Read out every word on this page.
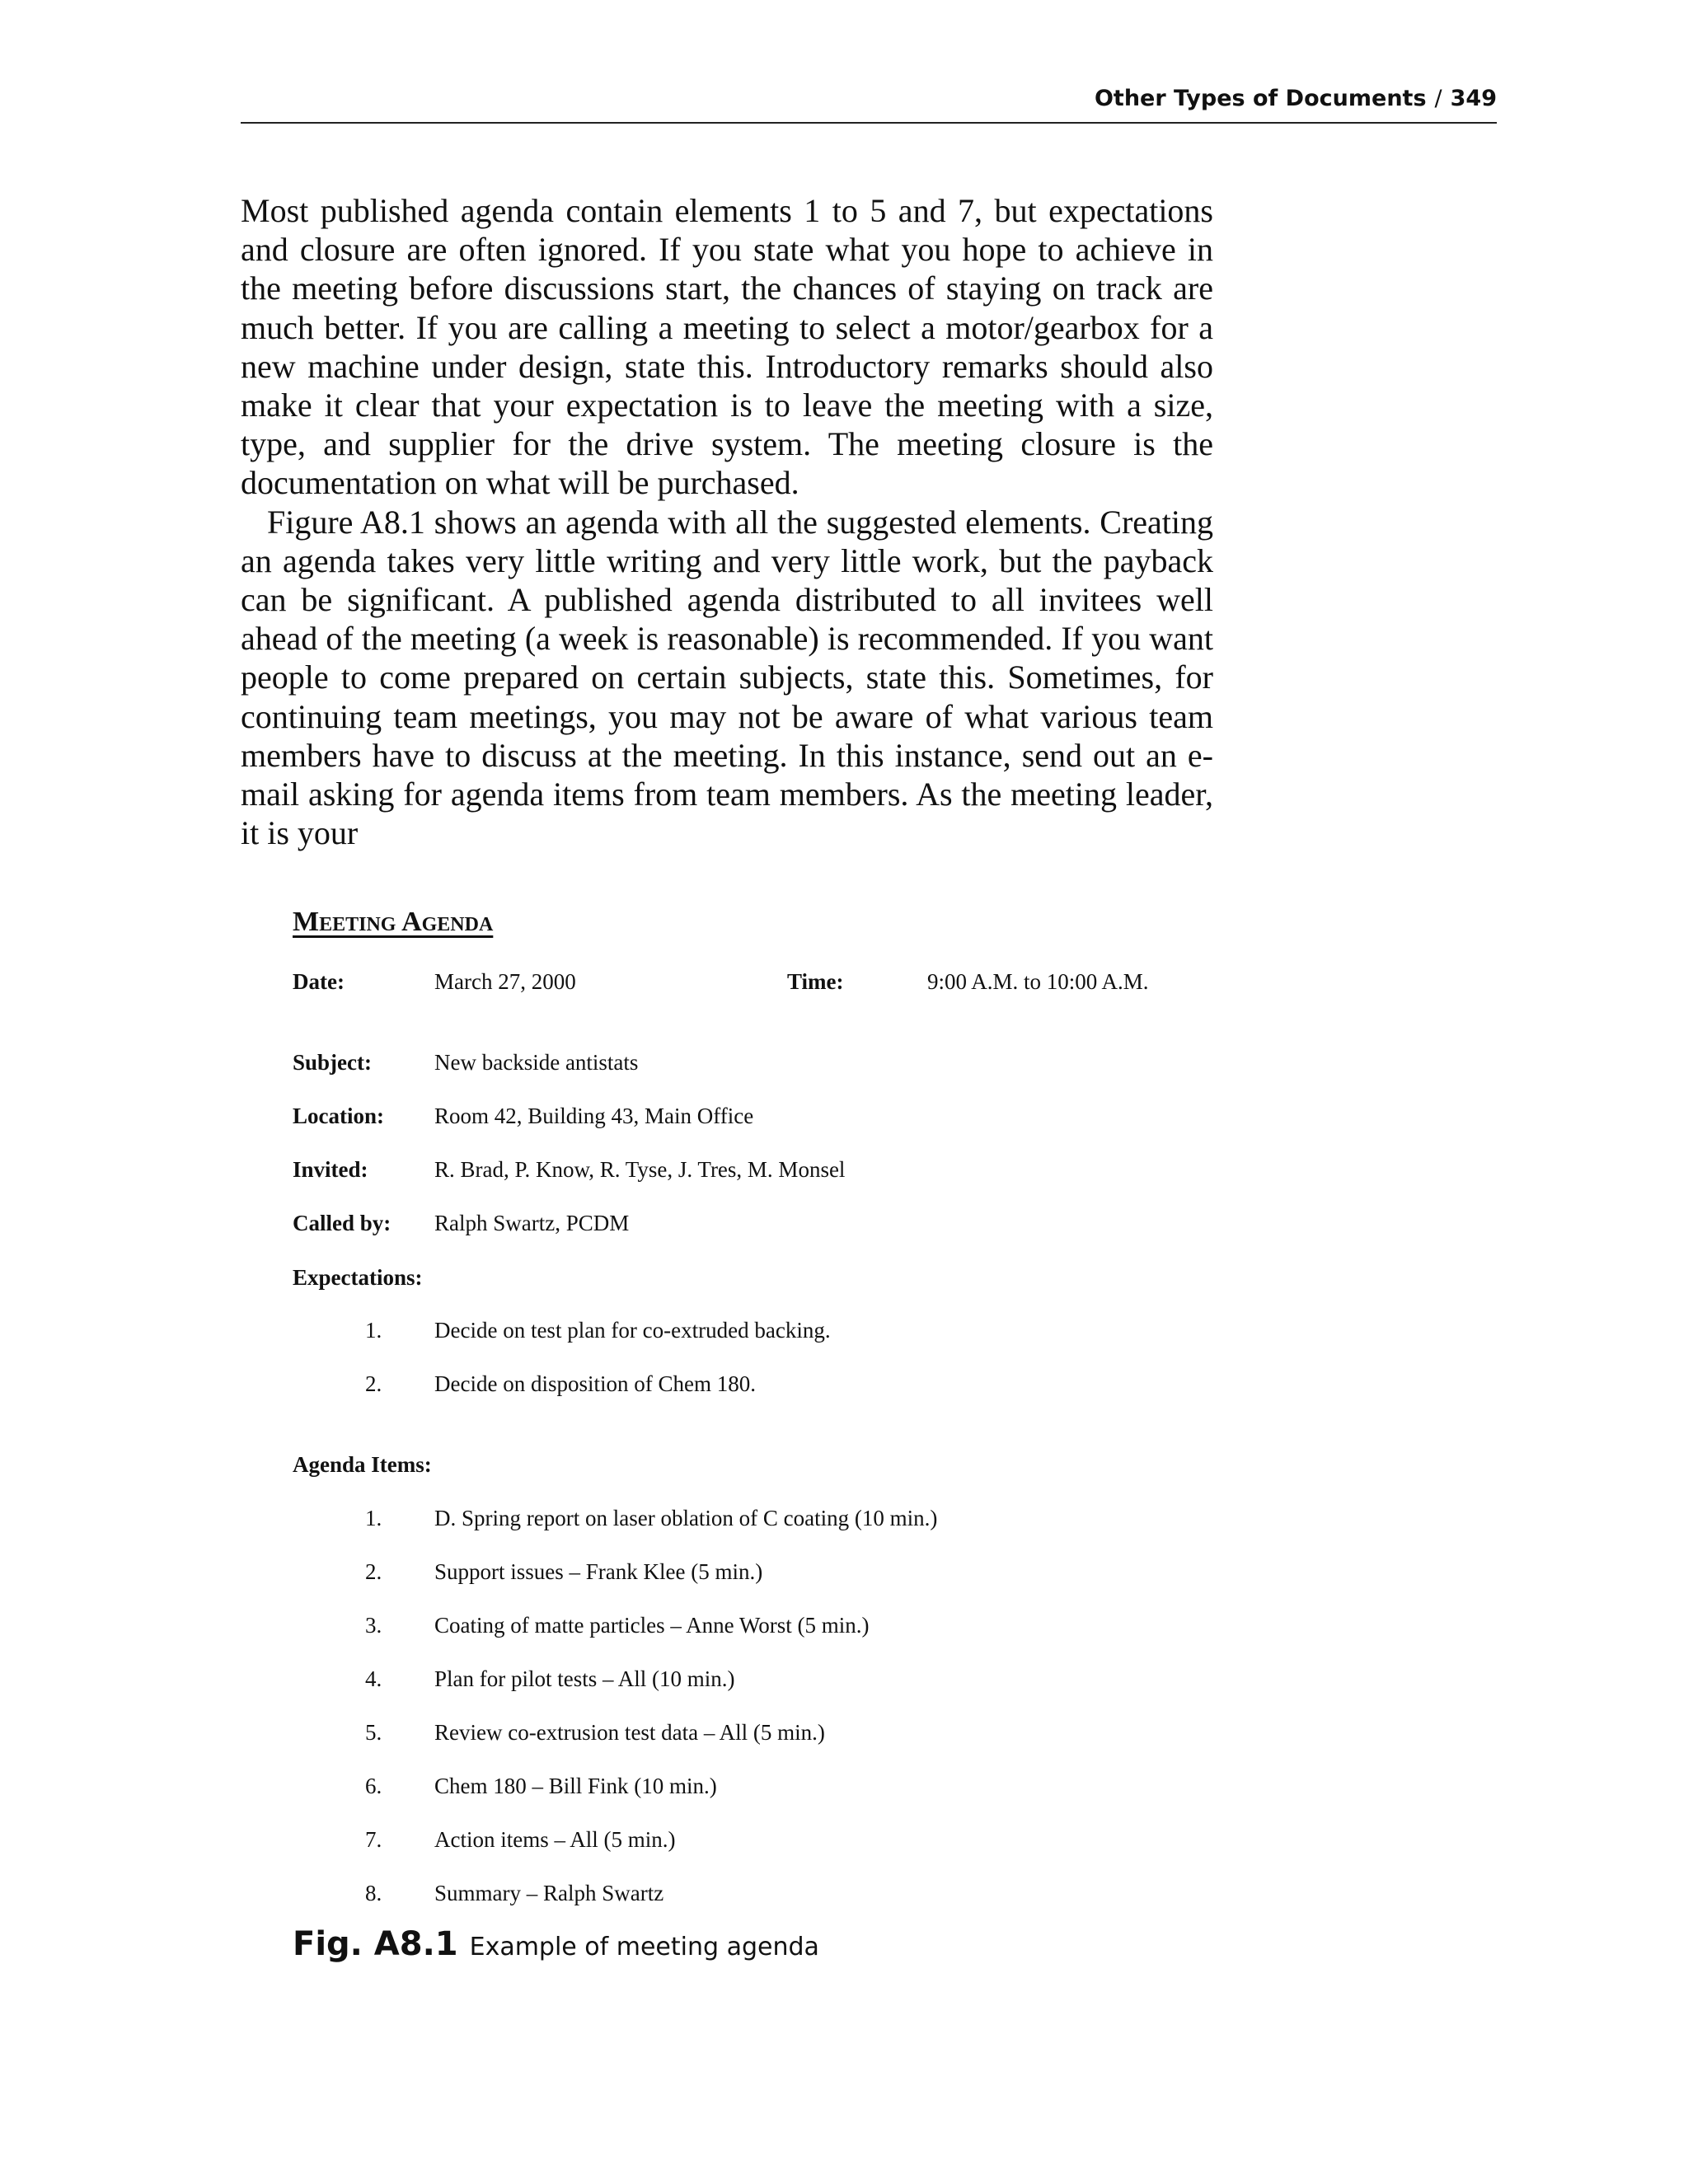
Other Types of Documents / 349

Most published agenda contain elements 1 to 5 and 7, but expectations and closure are often ignored. If you state what you hope to achieve in the meeting before discussions start, the chances of staying on track are much better. If you are calling a meeting to select a motor/gearbox for a new machine under design, state this. Introductory remarks should also make it clear that your expectation is to leave the meeting with a size, type, and supplier for the drive system. The meeting closure is the documentation on what will be purchased.

Figure A8.1 shows an agenda with all the suggested elements. Creating an agenda takes very little writing and very little work, but the payback can be significant. A published agenda distributed to all invitees well ahead of the meeting (a week is reasonable) is recommended. If you want people to come prepared on certain subjects, state this. Sometimes, for continuing team meetings, you may not be aware of what various team members have to discuss at the meeting. In this instance, send out an e-mail asking for agenda items from team members. As the meeting leader, it is your

Meeting Agenda
Date:	March 27, 2000	Time:	9:00 A.M. to 10:00 A.M.
Subject:	New backside antistats
Location: Room 42, Building 43, Main Office
Invited:	R. Brad, P. Know, R. Tyse, J. Tres, M. Monsel
Called by: Ralph Swartz, PCDM
Expectations:
1. Decide on test plan for co-extruded backing.
2. Decide on disposition of Chem 180.
Agenda Items:
1. D. Spring report on laser oblation of C coating (10 min.)
2. Support issues – Frank Klee (5 min.)
3. Coating of matte particles – Anne Worst (5 min.)
4. Plan for pilot tests – All (10 min.)
5. Review co-extrusion test data – All (5 min.)
6. Chem 180 – Bill Fink (10 min.)
7. Action items – All (5 min.)
8. Summary – Ralph Swartz
Fig. A8.1 Example of meeting agenda
